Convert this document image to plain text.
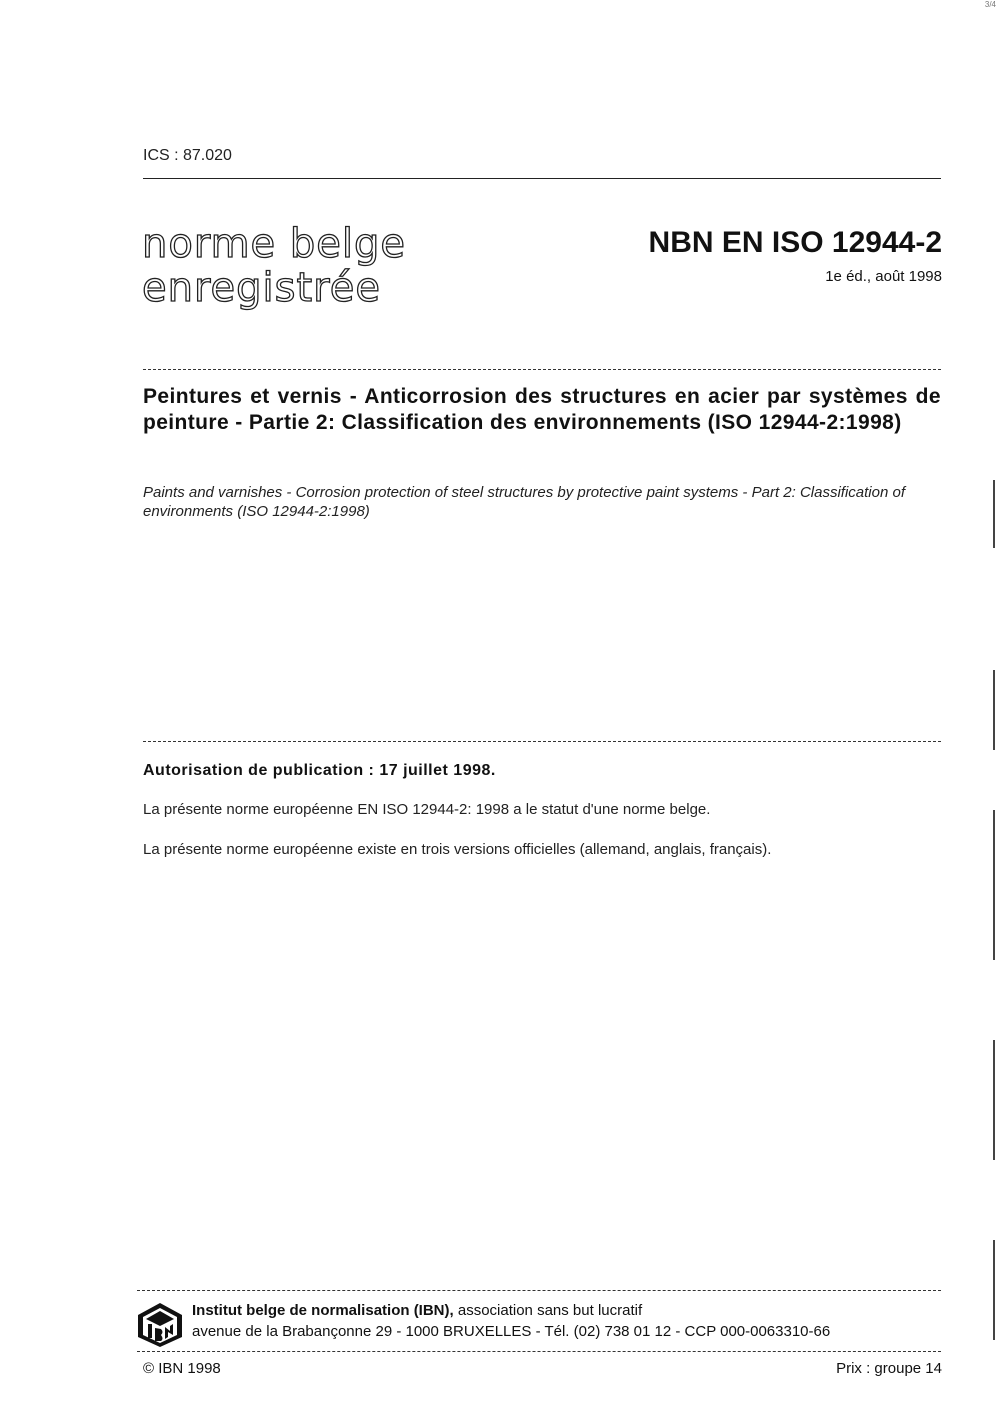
3/4
ICS : 87.020
norme belge
enregistrée
NBN EN ISO 12944-2
1e éd., août 1998
Peintures et vernis - Anticorrosion des structures en acier par systèmes de peinture - Partie 2: Classification des environnements (ISO 12944-2:1998)
Paints and varnishes - Corrosion protection of steel structures by protective paint systems - Part 2: Classification of environments (ISO 12944-2:1998)
Autorisation de publication : 17 juillet 1998.
La présente norme européenne EN ISO 12944-2: 1998 a le statut d'une norme belge.
La présente norme européenne existe en trois versions officielles (allemand, anglais, français).
Institut belge de normalisation (IBN), association sans but lucratif
avenue de la Brabançonne 29 - 1000 BRUXELLES - Tél. (02) 738 01 12 - CCP 000-0063310-66
© IBN 1998	Prix : groupe 14
